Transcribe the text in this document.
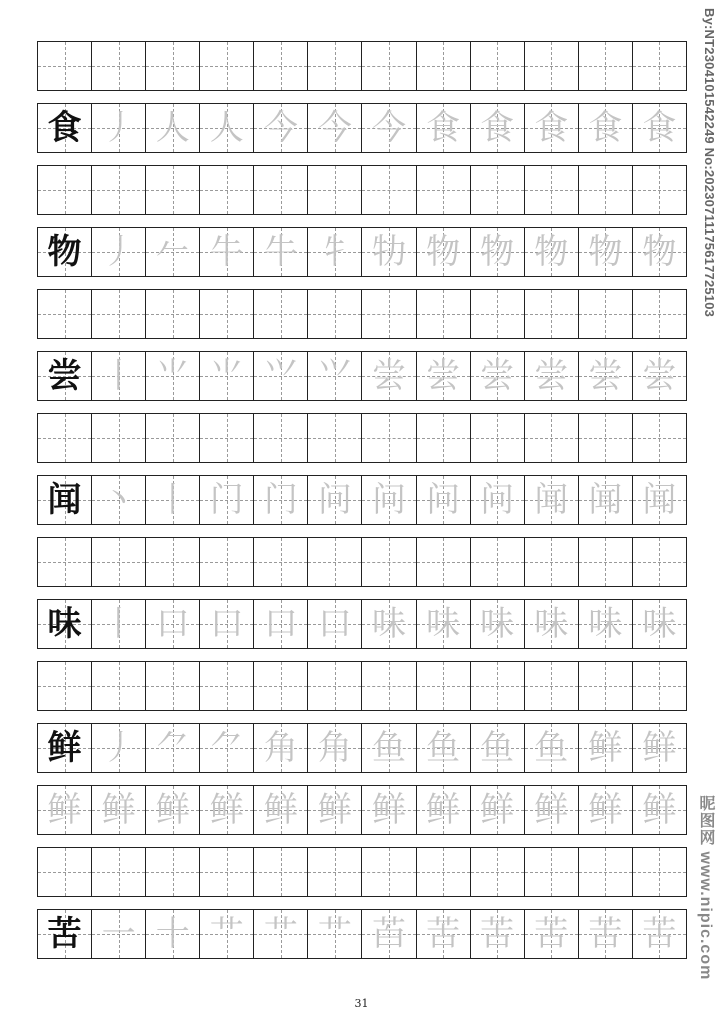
食 丿 人 人 今 今 今 食 食 食 食 食
物 丿 𠂉 牛 牛 牜 牞 物 物 物 物 物
尝 丨 ⺌ ⺌ ⺍ ⺍ 尝 尝 尝 尝 尝 尝
闻 丶 丨 门 门 问 问 问 问 闻 闻 闻
味 丨 口 口 口 口 味 味 味 味 味 味
鲜 丿 ⺈ ⺈ 角 角 鱼 鱼 鱼 鱼 鲜 鲜
鲜 鲜 鲜 鲜 鲜 鲜 鲜 鲜 鲜 鲜 鲜 鲜
苦 一 十 艹 艹 艹 苩 苦 苦 苦 苦 苦
31
By:NT2304101542249 No:20230711175617725103
昵图网 www.nipic.com
